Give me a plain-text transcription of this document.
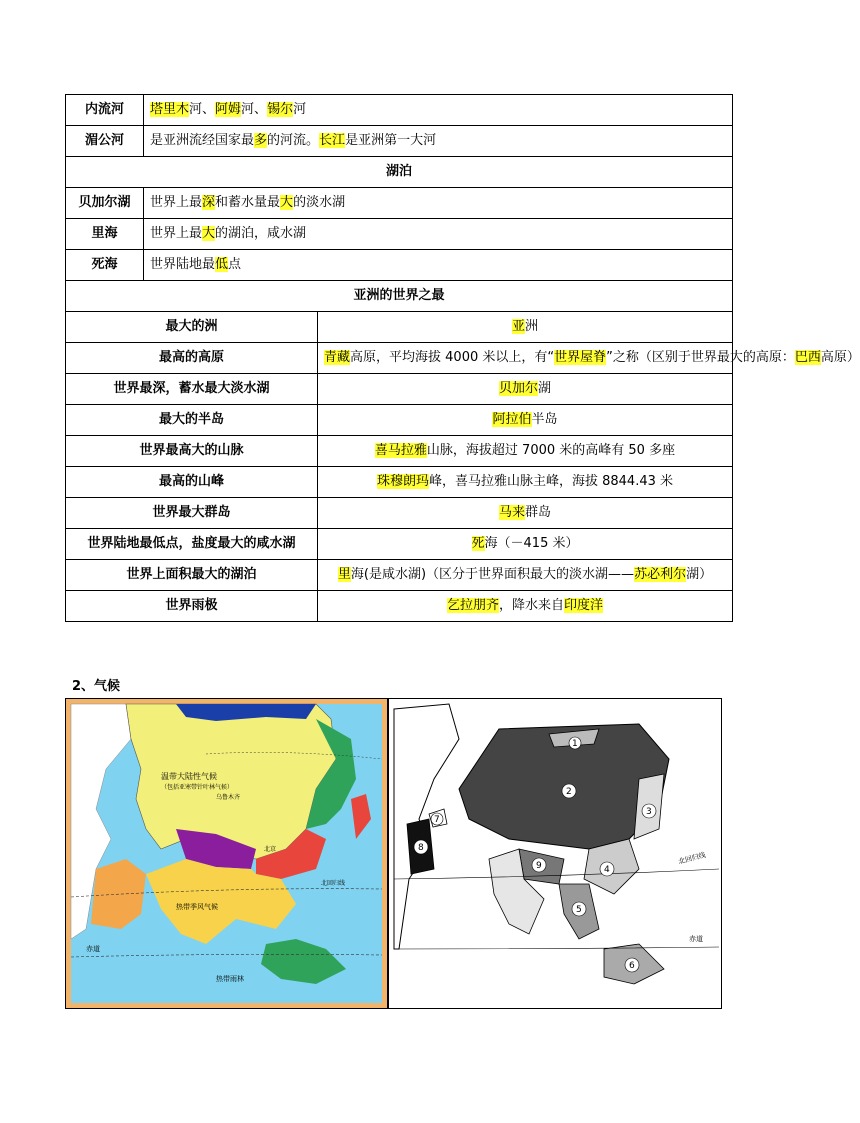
内流河	塔里木河、阿姆河、锡尔河	
湄公河	是亚洲流经国家最多的河流。长江是亚洲第一大河	
湖泊		
贝加尔湖	世界上最深和蓄水量最大的淡水湖	
里海	世界上最大的湖泊，咸水湖	
死海	世界陆地最低点	
亚洲的世界之最		
最大的洲		亚洲
最高的高原		青藏高原，平均海拔 4000 米以上，有“世界屋脊”之称（区别于世界最大的高原：巴西高原）
世界最深，蓄水最大淡水湖		贝加尔湖
最大的半岛		阿拉伯半岛
世界最高大的山脉		喜马拉雅山脉，海拔超过 7000 米的高峰有 50 多座
最高的山峰		珠穆朗玛峰，喜马拉雅山脉主峰，海拔 8844.43 米
世界最大群岛		马来群岛
世界陆地最低点，盐度最大的咸水湖		死海（－415 米）
世界上面积最大的湖泊		里海(是咸水湖)（区分于世界面积最大的淡水湖——苏必利尔湖）
世界雨极		乞拉朋齐，降水来自印度洋
2、气候
温带大陆性气候
（包括亚寒带针叶林气候）
乌鲁木齐
北京
北回归线
赤道
热带雨林
热带季风气候
北回归线
赤道
1
2
3
4
5
6
7
8
9
